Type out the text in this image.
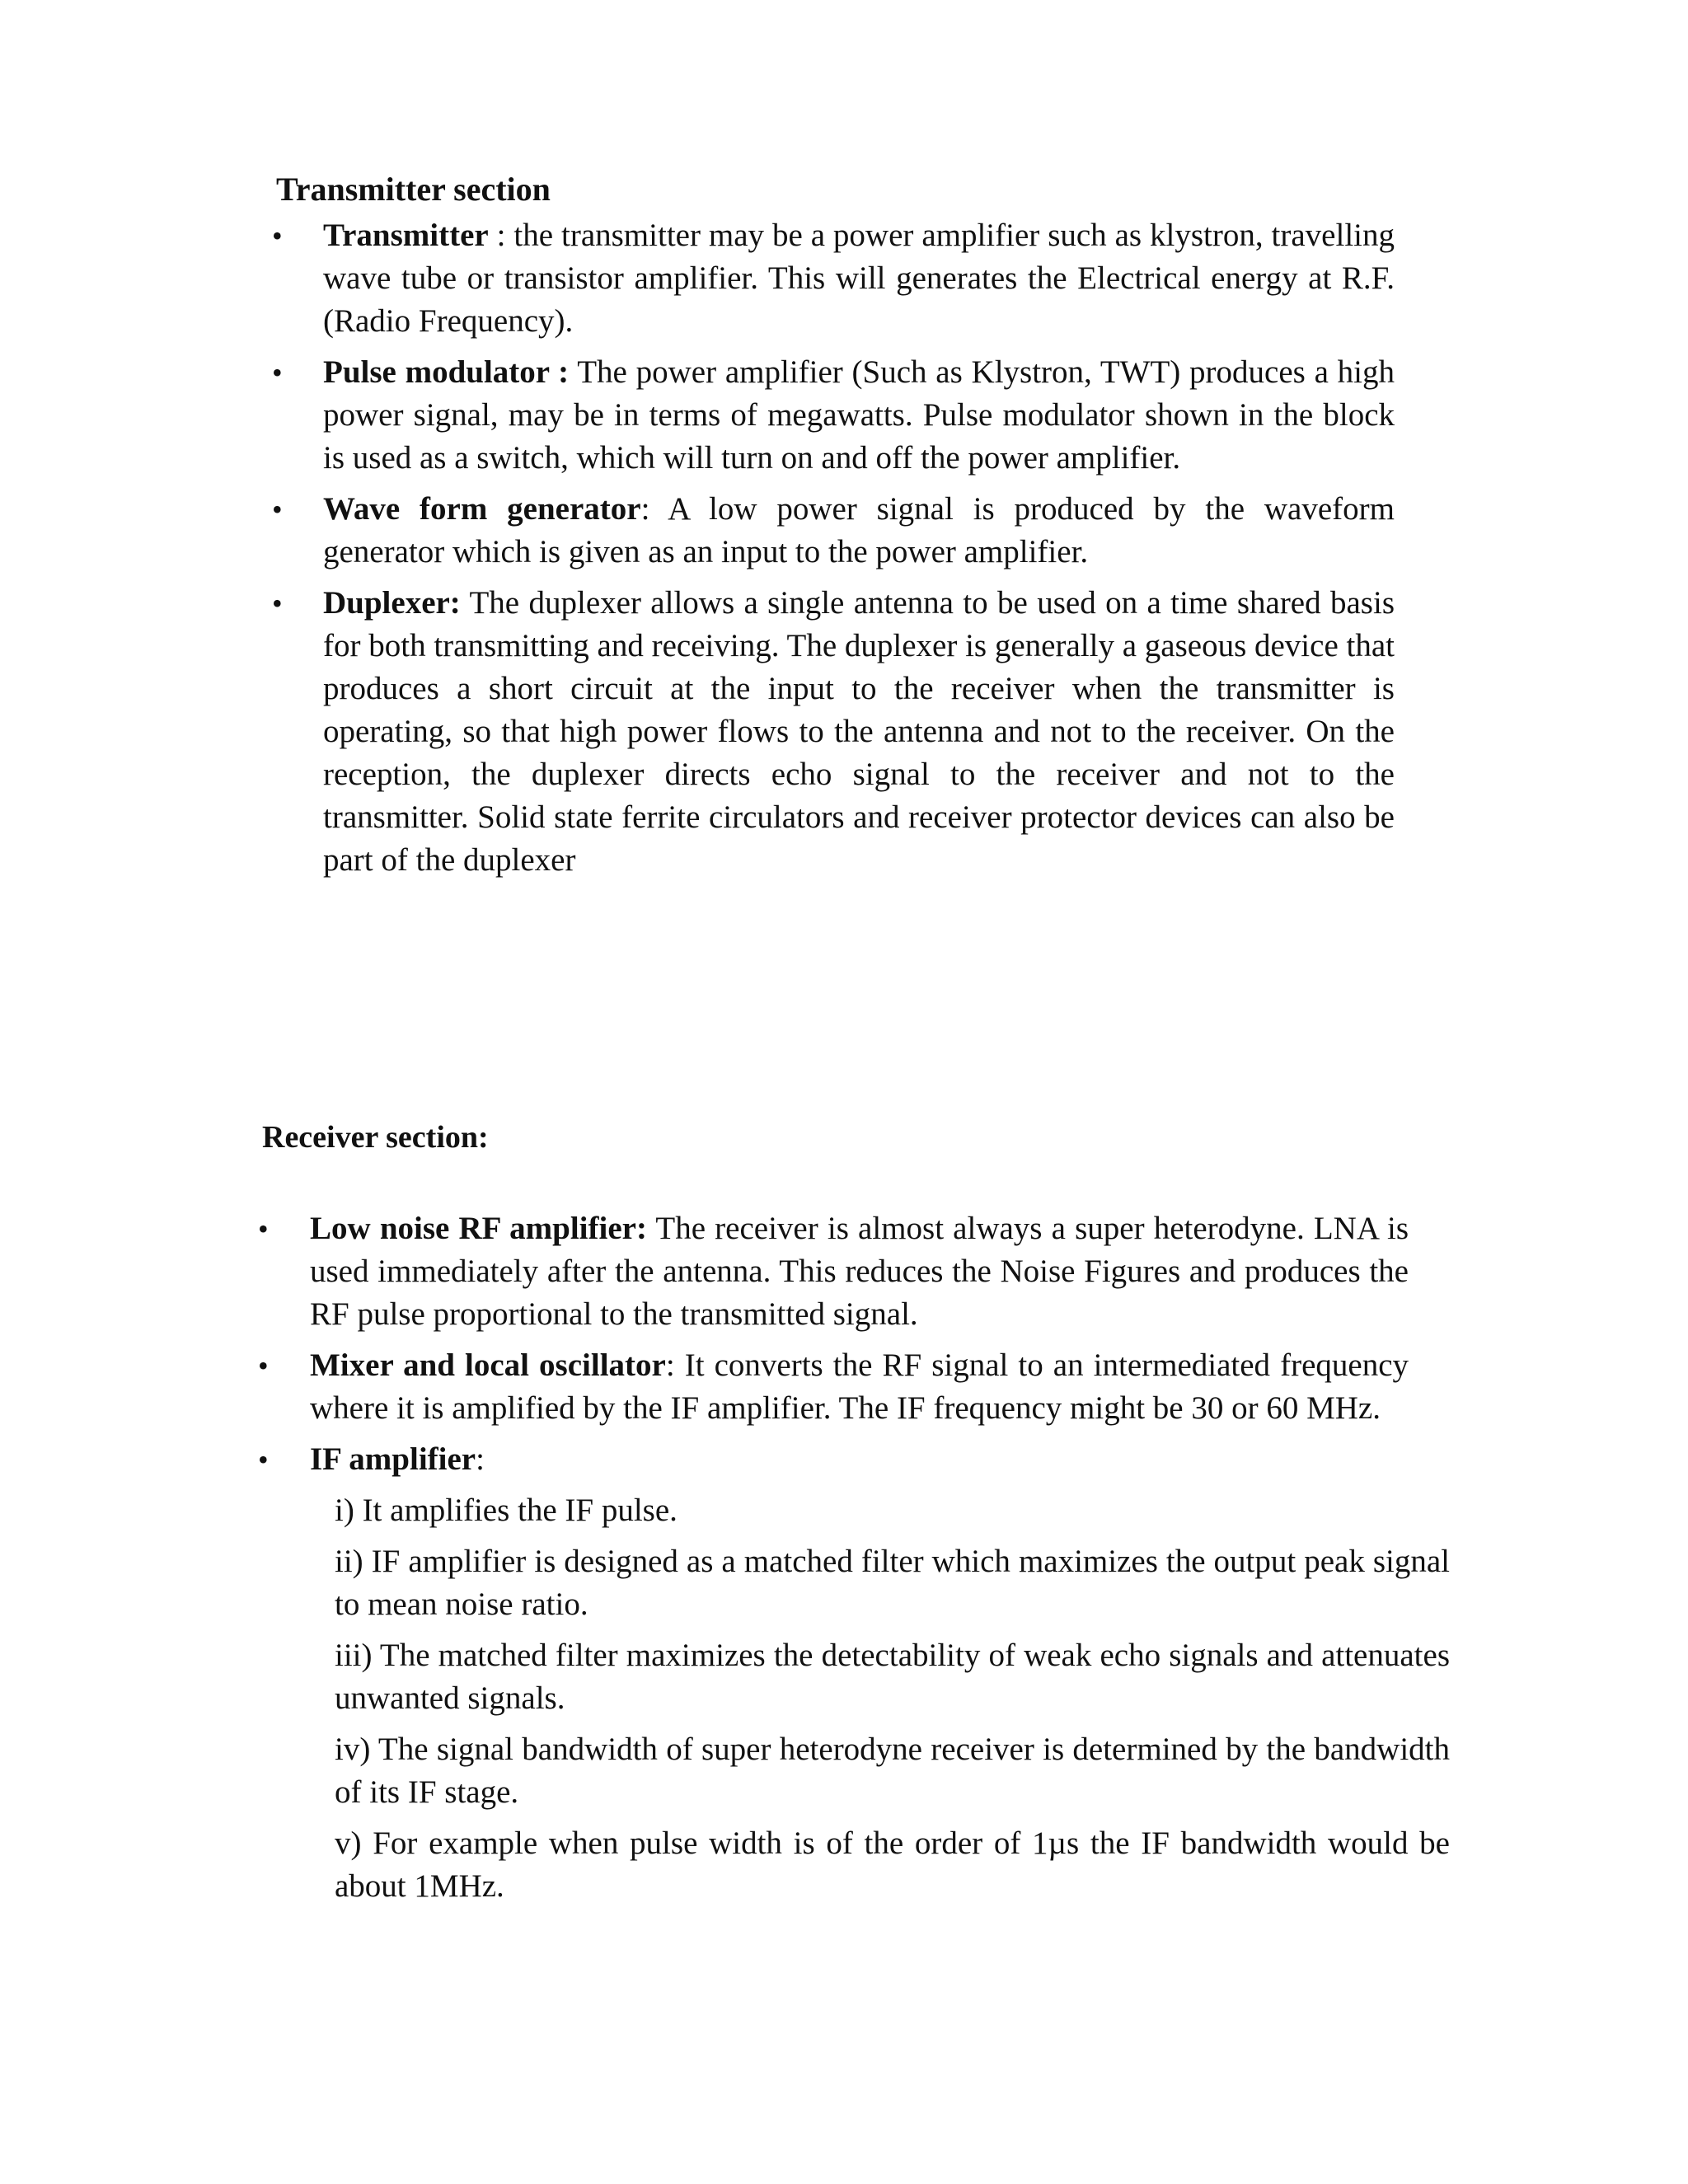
Transmitter section
• Transmitter : the transmitter may be a power amplifier such as klystron, travelling wave tube or transistor amplifier. This will generates the Electrical energy at R.F.(Radio Frequency).
• Pulse modulator : The power amplifier (Such as Klystron, TWT) produces a high power signal, may be in terms of megawatts. Pulse modulator shown in the block is used as a switch, which will turn on and off the power amplifier.
• Wave form generator: A low power signal is produced by the waveform generator which is given as an input to the power amplifier.
• Duplexer: The duplexer allows a single antenna to be used on a time shared basis for both transmitting and receiving. The duplexer is generally a gaseous device that produces a short circuit at the input to the receiver when the transmitter is operating, so that high power flows to the antenna and not to the receiver. On the reception, the duplexer directs echo signal to the receiver and not to the transmitter. Solid state ferrite circulators and receiver protector devices can also be part of the duplexer
Receiver section:
• Low noise RF amplifier: The receiver is almost always a super heterodyne. LNA is used immediately after the antenna. This reduces the Noise Figures and produces the RF pulse proportional to the transmitted signal.
• Mixer and local oscillator: It converts the RF signal to an intermediated frequency where it is amplified by the IF amplifier. The IF frequency might be 30 or 60 MHz.
• IF amplifier:
i) It amplifies the IF pulse.
ii) IF amplifier is designed as a matched filter which maximizes the output peak signal to mean noise ratio.
iii) The matched filter maximizes the detectability of weak echo signals and attenuates unwanted signals.
iv) The signal bandwidth of super heterodyne receiver is determined by the bandwidth of its IF stage.
v) For example when pulse width is of the order of 1µs the IF bandwidth would be about 1MHz.
